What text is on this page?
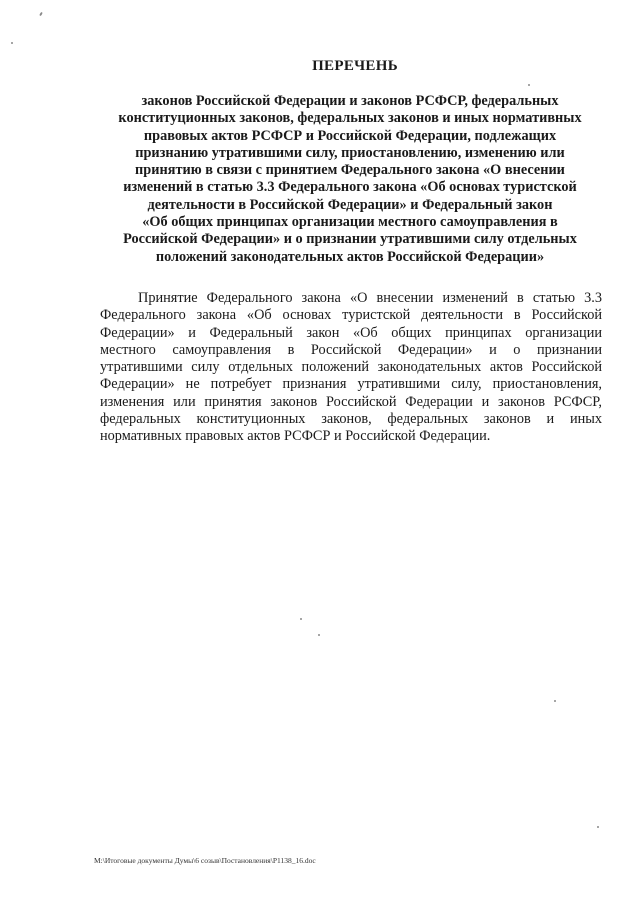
ПЕРЕЧЕНЬ
законов Российской Федерации и законов РСФСР, федеральных
конституционных законов, федеральных законов и иных нормативных
правовых актов РСФСР и Российской Федерации, подлежащих
признанию утратившими силу, приостановлению, изменению или
принятию в связи с принятием Федерального закона «О внесении
изменений в статью 3.3 Федерального закона «Об основах туристской
деятельности в Российской Федерации» и Федеральный закон
«Об общих принципах организации местного самоуправления в
Российской Федерации» и о признании утратившими силу отдельных
положений законодательных актов Российской Федерации»
Принятие Федерального закона «О внесении изменений в статью 3.3
Федерального закона «Об основах туристской деятельности в Российской
Федерации» и Федеральный закон «Об общих принципах организации
местного самоуправления в Российской Федерации» и о признании
утратившими силу отдельных положений законодательных актов Российской
Федерации» не потребует признания утратившими силу, приостановления,
изменения или принятия законов Российской Федерации и законов РСФСР,
федеральных конституционных законов, федеральных законов и иных
нормативных правовых актов РСФСР и Российской Федерации.
M:\Итоговые документы Думы\6 созыв\Постановления\P1138_16.doc
